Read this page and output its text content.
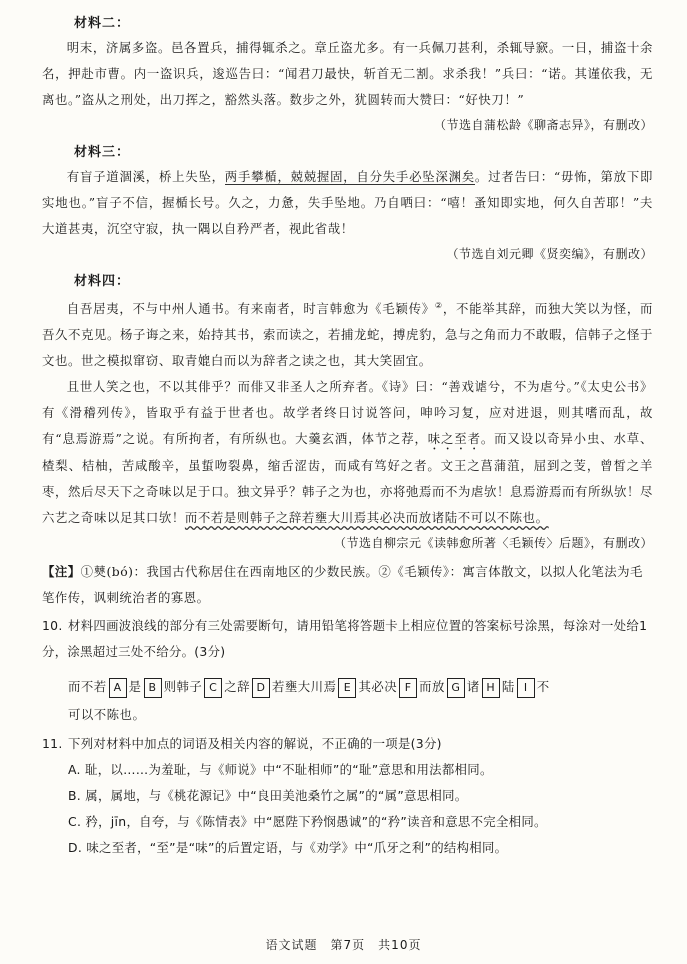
材料二：

明末，济属多盗。邑各置兵，捕得辄杀之。章丘盗尤多。有一兵佩刀甚利，杀辄导窾。一日，捕盗十余名，押赴市曹。内一盗识兵，逡巡告曰：“闻君刀最快，斩首无二割。求杀我！”兵曰：“诺。其谨依我，无离也。”盗从之刑处，出刀挥之，豁然头落。数步之外，犹圆转而大赞曰：“好快刀！”

（节选自蒲松龄《聊斋志异》，有删改）
材料三：

有盲子道涸溪，桥上失坠，两手攀楯，兢兢握固，自分失手必坠深渊矣。过者告曰：“毋怖，第放下即实地也。”盲子不信，握楯长号。久之，力惫，失手坠地。乃自哂曰：“嘻！蚤知即实地，何久自苦耶！”夫大道甚夷，沉空守寂，执一隅以自矜严者，视此省哉！

（节选自刘元卿《贤奕编》，有删改）
材料四：

自吾居夷，不与中州人通书。有来南者，时言韩愈为《毛颖传》②，不能举其辞，而独大笑以为怪，而吾久不克见。杨子诲之来，始持其书，索而读之，若捕龙蛇，搏虎豹，急与之角而力不敢暇，信韩子之怪于文也。世之模拟窜窃、取青媲白而以为辞者之读之也，其大笑固宜。

且世人笑之也，不以其俳乎？而俳又非圣人之所弃者。《诗》曰：“善戏谑兮，不为虐兮。”《太史公书》有《滑稽列传》，皆取乎有益于世者也。故学者终日讨说答问，呻吟习复，应对进退，则其嗜而乱，故有“息焉游焉”之说。有所拘者，有所纵也。大羹玄酒，体节之荐，味之至者。而又设以奇异小虫、水草、楂梨、桔柚，苦咸酸辛，虽蜇吻裂鼻，缩舌涩齿，而咸有笃好之者。文王之菖蒲菹，屈到之芰，曾皙之羊枣，然后尽天下之奇味以足于口。独文异乎？韩子之为也，亦将弛焉而不为虐欤！息焉游焉而有所纵欤！尽六艺之奇味以足其口欤！而不若是则韩子之辞若壅大川焉其必决而放诸陆不可以不陈也。

（节选自柳宗元《读韩愈所著〈毛颖传〉后题》，有删改）
【注】①僰(bó)：我国古代称居住在西南地区的少数民族。②《毛颖传》：寓言体散文，以拟人化笔法为毛笔作传，讽刺统治者的寡恩。
10. 材料四画波浪线的部分有三处需要断句，请用铅笔将答题卡上相应位置的答案标号涂黑，每涂对一处给1分，涂黑超过三处不给分。(3分)
而不若 A 是 B 则韩子 C 之辞 D 若壅大川焉 E 其必决 F 而放 G 诸 H 陆 I 不
可以不陈也。
11. 下列对材料中加点的词语及相关内容的解说，不正确的一项是(3分)
A. 耻，以……为羞耻，与《师说》中“不耻相师”的“耻”意思和用法都相同。
B. 属，属地，与《桃花源记》中“良田美池桑竹之属”的“属”意思相同。
C. 矜，jīn，自夸，与《陈情表》中“愿陛下矜悯愚诚”的“矜”读音和意思不完全相同。
D. 味之至者，“至”是“味”的后置定语，与《劝学》中“爪牙之利”的结构相同。
语文试题　第7页　共10页
